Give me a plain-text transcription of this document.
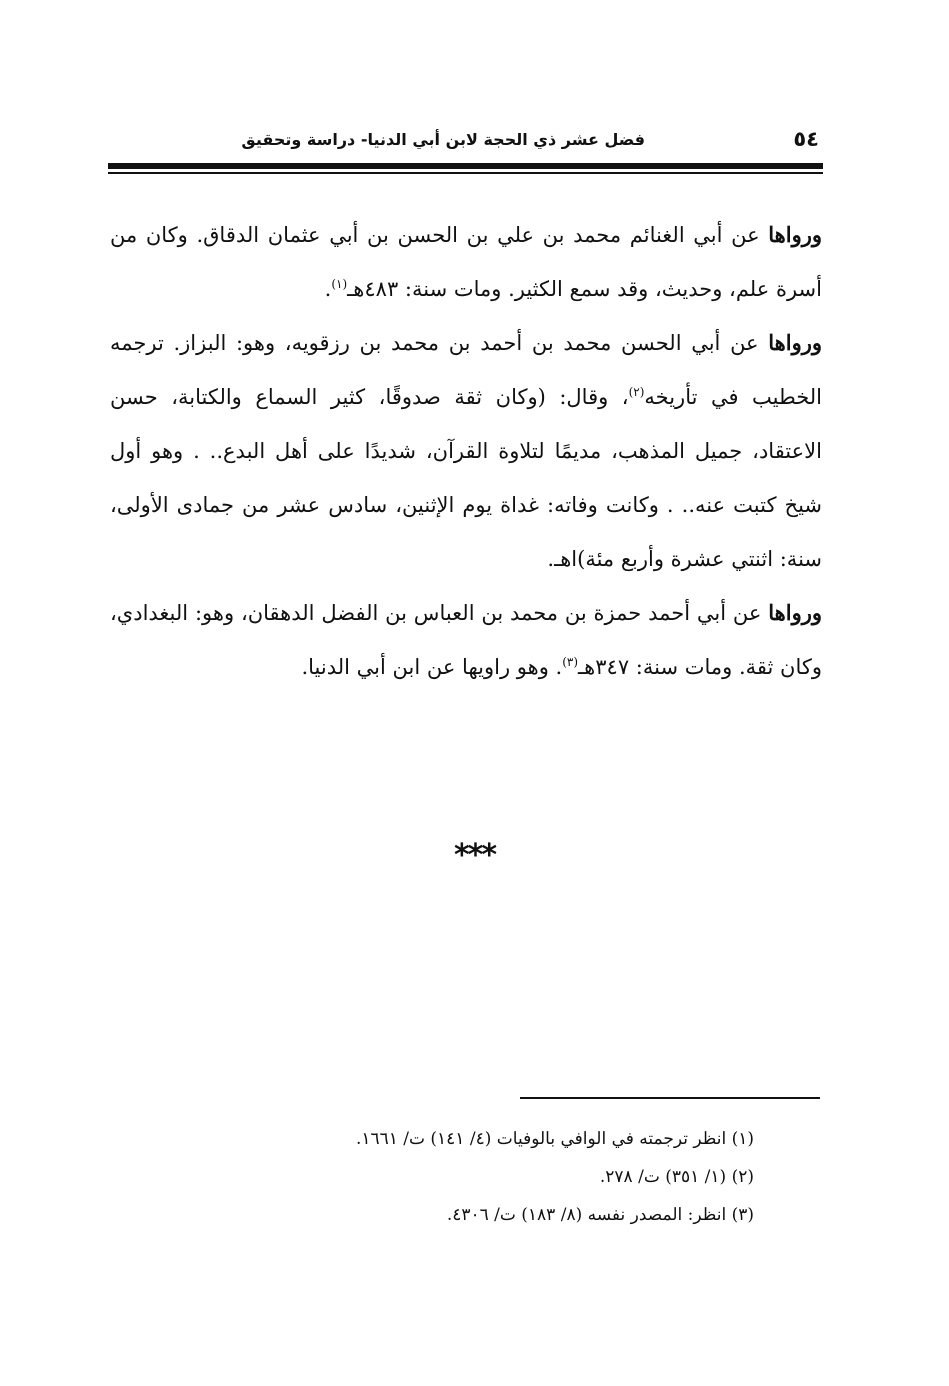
٥٤
فضل عشر ذي الحجة لابن أبي الدنيا- دراسة وتحقيق

ورواها عن أبي الغنائم محمد بن علي بن الحسن بن أبي عثمان الدقاق. وكان من أسرة علم، وحديث، وقد سمع الكثير. ومات سنة: ٤٨٣هـ$^{(١)}$.

ورواها عن أبي الحسن محمد بن أحمد بن محمد بن رزقويه، وهو: البزاز. ترجمه الخطيب في تأريخه$^{(٢)}$، وقال: (وكان ثقة صدوقًا، كثير السماع والكتابة، حسن الاعتقاد، جميل المذهب، مديمًا لتلاوة القرآن، شديدًا على أهل البدع.. . وهو أول شيخ كتبت عنه.. . وكانت وفاته: غداة يوم الإثنين، سادس عشر من جمادى الأولى، سنة: اثنتي عشرة وأربع مئة)اهـ.

ورواها عن أبي أحمد حمزة بن محمد بن العباس بن الفضل الدهقان، وهو: البغدادي، وكان ثقة. ومات سنة: ٣٤٧هـ$^{(٣)}$. وهو راويها عن ابن أبي الدنيا.

***

(١) انظر ترجمته في الوافي بالوفيات (٤/ ١٤١) ت/ ١٦٦١.

(٢) (١/ ٣٥١) ت/ ٢٧٨.

(٣) انظر: المصدر نفسه (٨/ ١٨٣) ت/ ٤٣٠٦.
